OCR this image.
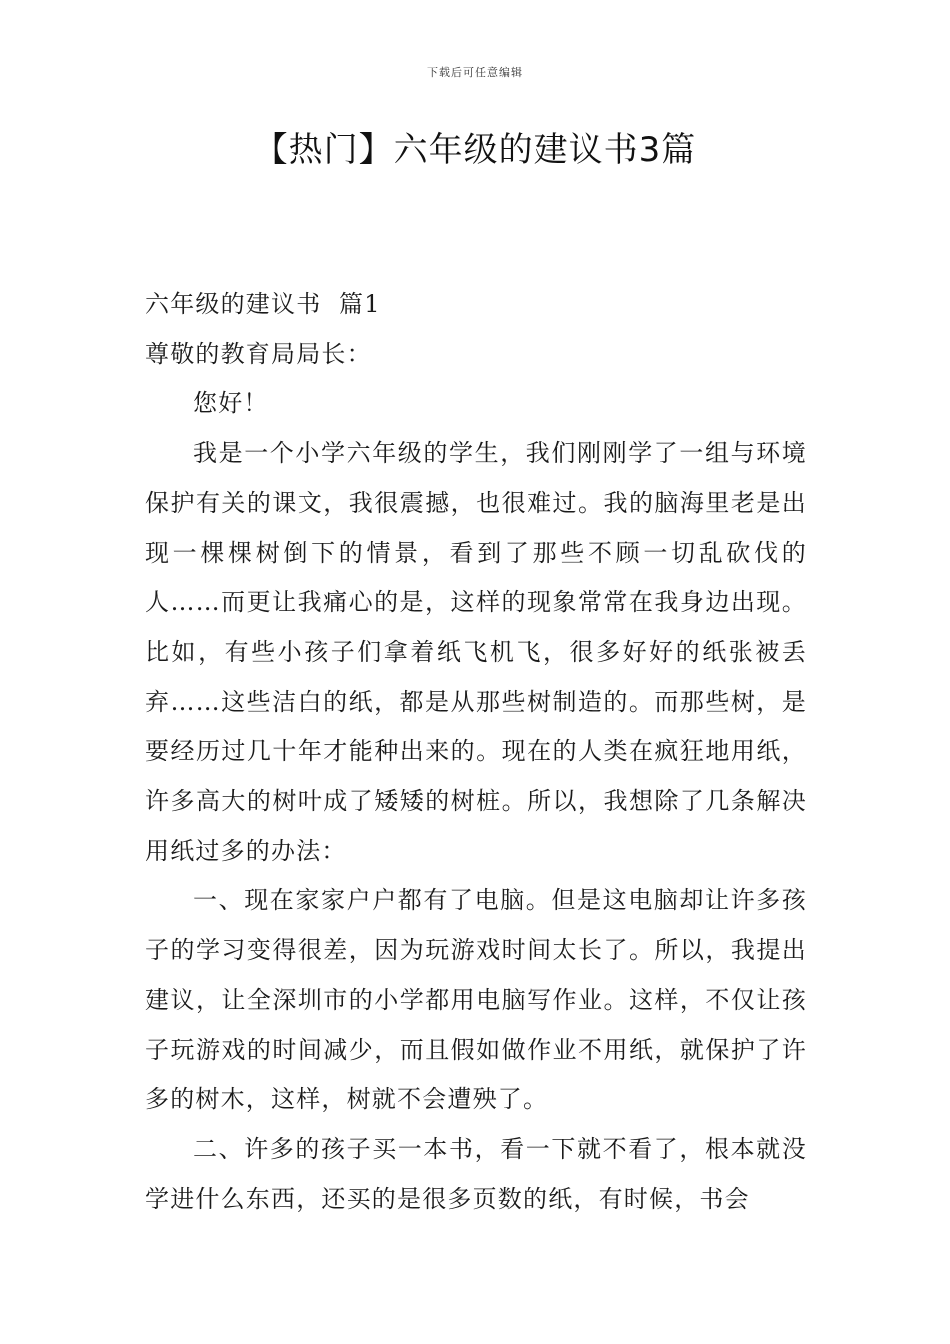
下载后可任意编辑
【热门】六年级的建议书3篇

六年级的建议书  篇1

尊敬的教育局局长：

您好！

我是一个小学六年级的学生，我们刚刚学了一组与环境保护有关的课文，我很震撼，也很难过。我的脑海里老是出现一棵棵树倒下的情景，看到了那些不顾一切乱砍伐的人……而更让我痛心的是，这样的现象常常在我身边出现。比如，有些小孩子们拿着纸飞机飞，很多好好的纸张被丢弃……这些洁白的纸，都是从那些树制造的。而那些树，是要经历过几十年才能种出来的。现在的人类在疯狂地用纸，许多高大的树叶成了矮矮的树桩。所以，我想除了几条解决用纸过多的办法：

一、现在家家户户都有了电脑。但是这电脑却让许多孩子的学习变得很差，因为玩游戏时间太长了。所以，我提出建议，让全深圳市的小学都用电脑写作业。这样，不仅让孩子玩游戏的时间减少，而且假如做作业不用纸，就保护了许多的树木，这样，树就不会遭殃了。

二、许多的孩子买一本书，看一下就不看了，根本就没学进什么东西，还买的是很多页数的纸，有时候，书会
